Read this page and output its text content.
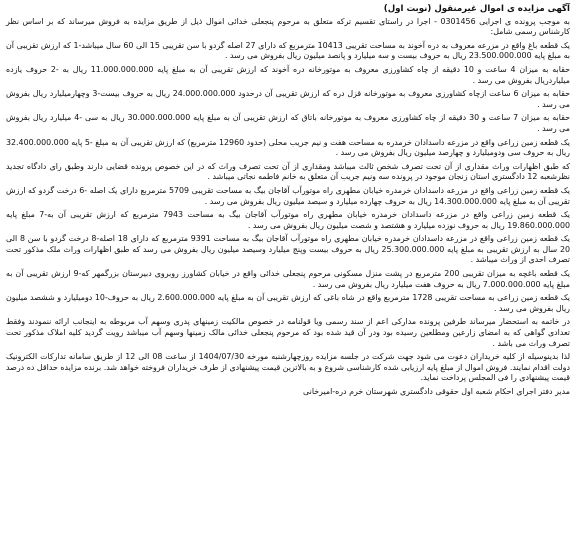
آگهی مزایده ی اموال غیرمنقول (نوبت اول)

به موجب پرونده ی اجرایی 0301456 - اجرا در راستای تقسیم ترکه متعلق به مرحوم پنجعلی خدائی اموال ذیل از طریق مزایده به فروش میرساند که بر اساس نظر کارشناس رسمی شامل:

یک قطعه باغ واقع در مزرعه معروف به دره آخوند به مساحت تقریبی 10413 مترمربع که دارای 27 اصله گردو با سن تقریبی 15 الی 60 سال میباشد-1 که ارزش تقریبی آن به مبلغ پایه 23.500.000.000 ریال به حروف بیست و سه میلیارد و پانصد میلیون ریال بفروش می رسد .

حقابه به میزان 4 ساعت و 10 دقیقه از چاه کشاورزی معروف به موتورخانه دره آخوند که ارزش تقریبی آن به مبلغ پایه 11.000.000.000 ریال به -2 حروف یازده میلیاردریال بفروش می رسد .

حقابه به میزان 6 ساعت ازچاه کشاورزی معروف به موتورخانه قزل دره که ارزش تقریبی آن درحدود 24.000.000.000 ریال به حروف بیست-3 وچهارمیلیارد ریال بفروش می رسد .

حقابه به میزان 7 ساعت و 30 دقیقه از چاه کشاورزی معروف به موتورخانه باتاق که ارزش تقریبی آن به مبلغ پایه 30.000.000.000 ریال به سی -4 میلیارد ریال بفروش می رسد .

یک قطعه زمین زراعی واقع در مزرعه داسدادان خرمدره به مساحت هفت و نیم جریب محلی (حدود 12960 مترمربع) که ارزش تقریبی آن به مبلغ -5 پایه 32.400.000.000 ریال به حروف سی ودومیلیارد و چهارصد میلیون ریال بفروش می رسد .

که طبق اظهارات وراث مقداری از آن تحت تصرف شخص ثالث میباشد ومقداری از آن تحت تصرف وراث که در این خصوص پرونده قضایی دارند وطبق رای دادگاه تجدید نظرشعبه 12 دادگستری استان زنجان موجود در پرونده سه ونیم جریب آن متعلق به خانم فاطمه نجاتی میباشد .

یک قطعه زمین زراعی واقع در مزرعه داسدادان خرمدره خیابان مطهری راه موتورآب آقاجان بیگ به مساحت تقریبی 5709 مترمربع دارای یک اصله -6 درخت گردو که ارزش تقریبی آن به مبلغ پایه 14.300.000.000 ریال به حروف چهارده میلیارد و سیصد میلیون ریال بفروش می رسد .

یک قطعه زمین زراعی واقع در مزرعه داسدادان خرمدره خیابان مطهری راه موتورآب آقاجان بیگ به مساحت 7943 مترمربع که ارزش تقریبی آن به-7 مبلغ پایه 19.860.000.000 ریال به حروف نوزده میلیارد و هشتصد و شصت میلیون ریال بفروش می رسد .

یک قطعه زمین زراعی واقع در مزرعه داسدادان خرمدره خیابان مطهری راه موتورآب آقاجان بیگ به مساحت 9391 مترمربع که دارای 18 اصله-8 درخت گردو با سن 8 الی 20 سال به ارزش تقریبی به مبلغ پایه 25.300.000.000 ریال به حروف بیست وپنج میلیارد وسیصد میلیون ریال بفروش می رسد که طبق اظهارات وراث ملک مذکور تحت تصرف احدی از وراث میباشد .

یک قطعه باغچه به میزان تقریبی 200 مترمربع در پشت منزل مسکونی مرحوم پنجعلی خدائی واقع در خیابان کشاورز روبروی دبیرستان بزرگمهر که-9 ارزش تقریبی آن به مبلغ پایه 7.000.000.000 ریال به حروف هفت میلیارد ریال بفروش می رسد .

یک قطعه زمین زراعی به مساحت تقریبی 1728 مترمربع واقع در شاه باغی که ارزش تقریبی آن به مبلغ پایه 2.600.000.000 ریال به حروف-10 دومیلیارد و ششصد میلیون ریال بفروش می رسد .

در خاتمه به استحضار میرساند طرفین پرونده مدارکی اعم از سند رسمی ویا قولنامه در خصوص مالکیت زمینهای پدری وسهم آب مربوطه به اینجانب ارائه ننمودند وفقط تعدادی گواهی که به امضای زارعین ومطلعین رسیده بود ودر آن قید شده بود که مرحوم پنجعلی خدائی مالک زمینها وسهم آب میباشد رویت گردید کلیه املاک مذکور تحت تصرف وراث می باشد .

لذا بدینوسیله از کلیه خریداران دعوت می شود جهت شرکت در جلسه مزایده روزچهارشنبه مورخه 1404/07/30 از ساعت 08 الی 12 از طریق سامانه تدارکات الکترونیک دولت اقدام نمایند. فروش اموال از مبلغ پایه ارزیابی شده کارشناسی شروع و به بالاترین قیمت پیشنهادی از طرف خریداران فروخته خواهد شد. برنده مزایده حداقل ده درصد قیمت پیشنهادی را فی المجلس پرداخت نماید.

مدیر دفتر اجرای احکام شعبه اول حقوقی دادگستری شهرستان خرم دره-امیرخانی
